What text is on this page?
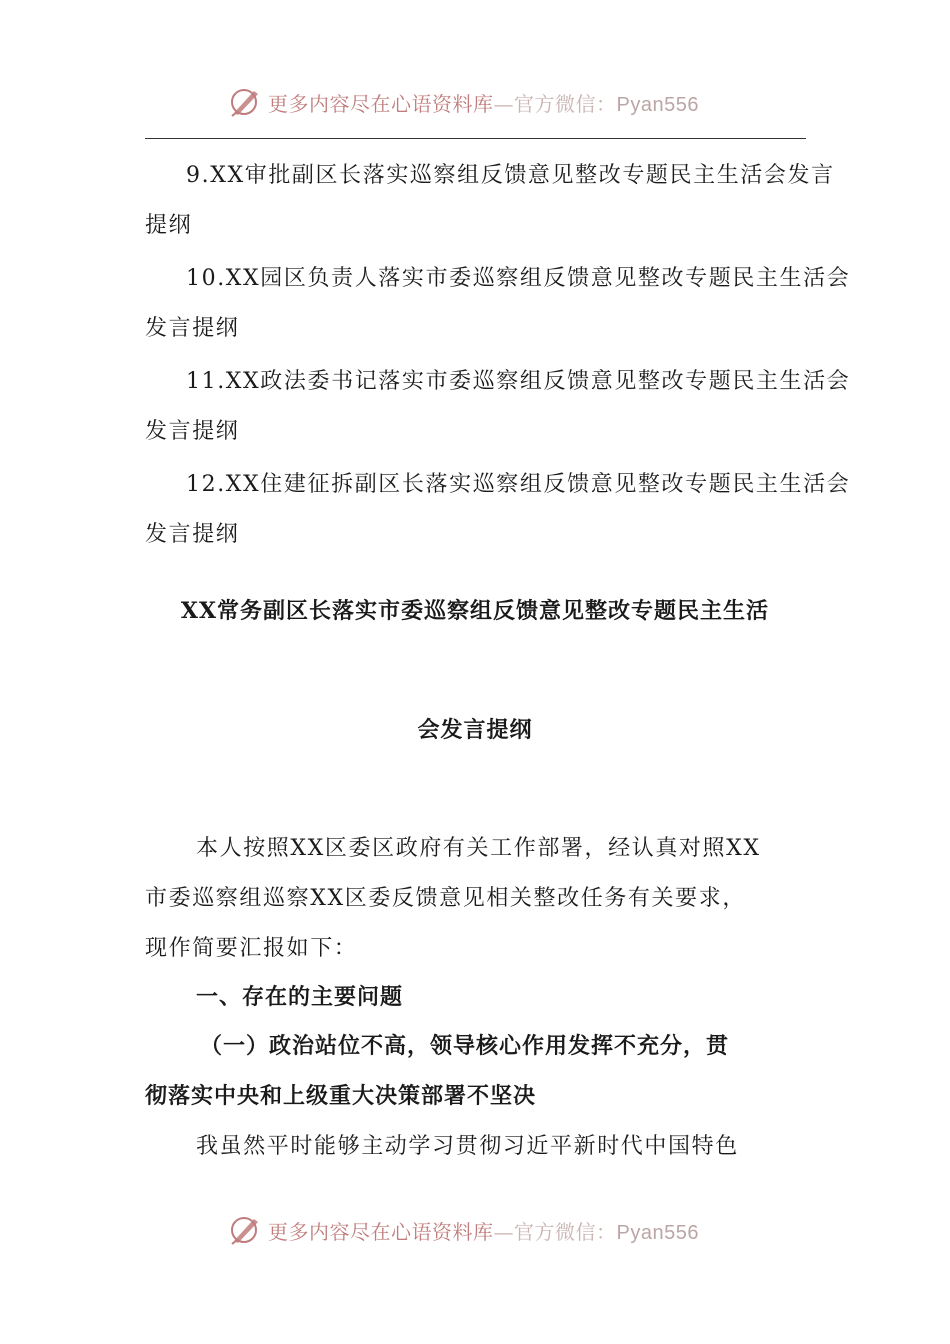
更多内容尽在心语资料库—官方微信：Pyan556
9.XX审批副区长落实巡察组反馈意见整改专题民主生活会发言
提纲
10.XX园区负责人落实市委巡察组反馈意见整改专题民主生活会
发言提纲
11.XX政法委书记落实市委巡察组反馈意见整改专题民主生活会
发言提纲
12.XX住建征拆副区长落实巡察组反馈意见整改专题民主生活会
发言提纲
XX常务副区长落实市委巡察组反馈意见整改专题民主生活
会发言提纲
本人按照XX区委区政府有关工作部署，经认真对照XX
市委巡察组巡察XX区委反馈意见相关整改任务有关要求，
现作简要汇报如下：
一、存在的主要问题
（一）政治站位不高，领导核心作用发挥不充分，贯
彻落实中央和上级重大决策部署不坚决
我虽然平时能够主动学习贯彻习近平新时代中国特色
更多内容尽在心语资料库—官方微信：Pyan556
